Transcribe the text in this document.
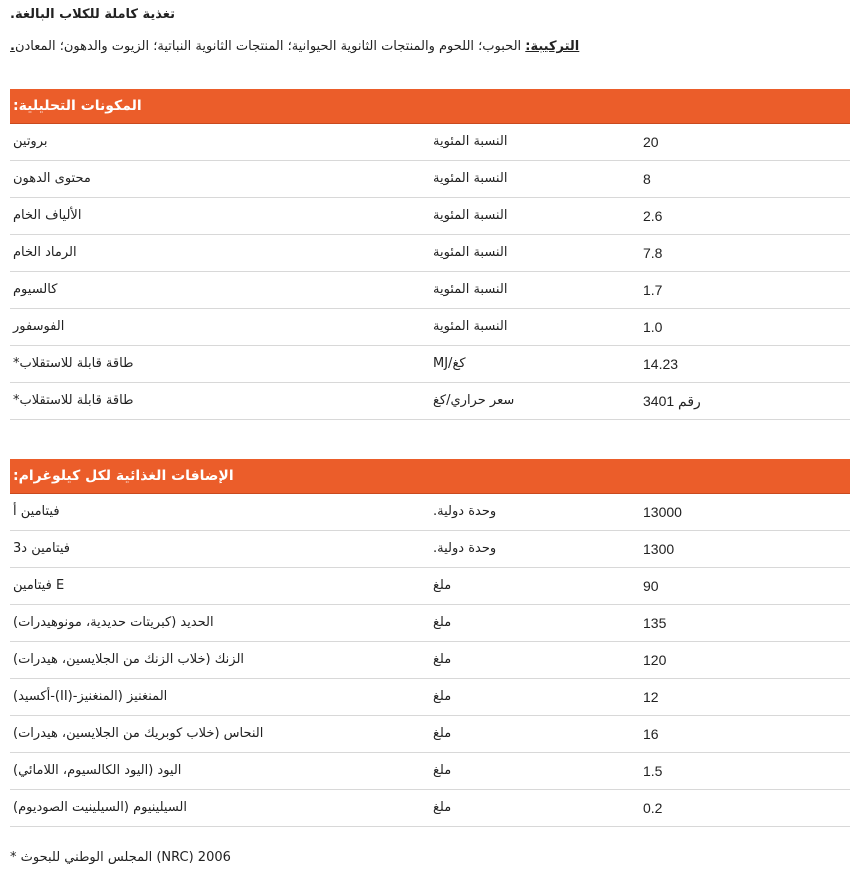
.تغذية كاملة للكلاب البالغة
.التركيبة: الحبوب؛ اللحوم والمنتجات الثانوية الحيوانية؛ المنتجات الثانوية النباتية؛ الزيوت والدهون؛ المعادن
:المكونات التحليلية
بروتين	النسبة المئوية	20
محتوى الدهون	النسبة المئوية	8
الألياف الخام	النسبة المئوية	2.6
الرماد الخام	النسبة المئوية	7.8
كالسيوم	النسبة المئوية	1.7
الفوسفور	النسبة المئوية	1.0
*طاقة قابلة للاستقلاب	MJ/كغ	14.23
*طاقة قابلة للاستقلاب	سعر حراري/كغ	رقم 3401
:الإضافات الغذائية لكل كيلوغرام
فيتامين أ	.وحدة دولية	13000
فيتامين د3	.وحدة دولية	1300
فيتامين E	ملغ	90
الحديد (كبريتات حديدية، مونوهيدرات)	ملغ	135
الزنك (خلاب الزنك من الجلايسين، هيدرات)	ملغ	120
(أكسيد-(II)-المنغنيز) المنغنيز	ملغ	12
النحاس (خلاب كوبريك من الجلايسين، هيدرات)	ملغ	16
اليود (اليود الكالسيوم، اللامائي)	ملغ	1.5
السيلينيوم (السيلينيت الصوديوم)	ملغ	0.2
* المجلس الوطني للبحوث (NRC) 2006
